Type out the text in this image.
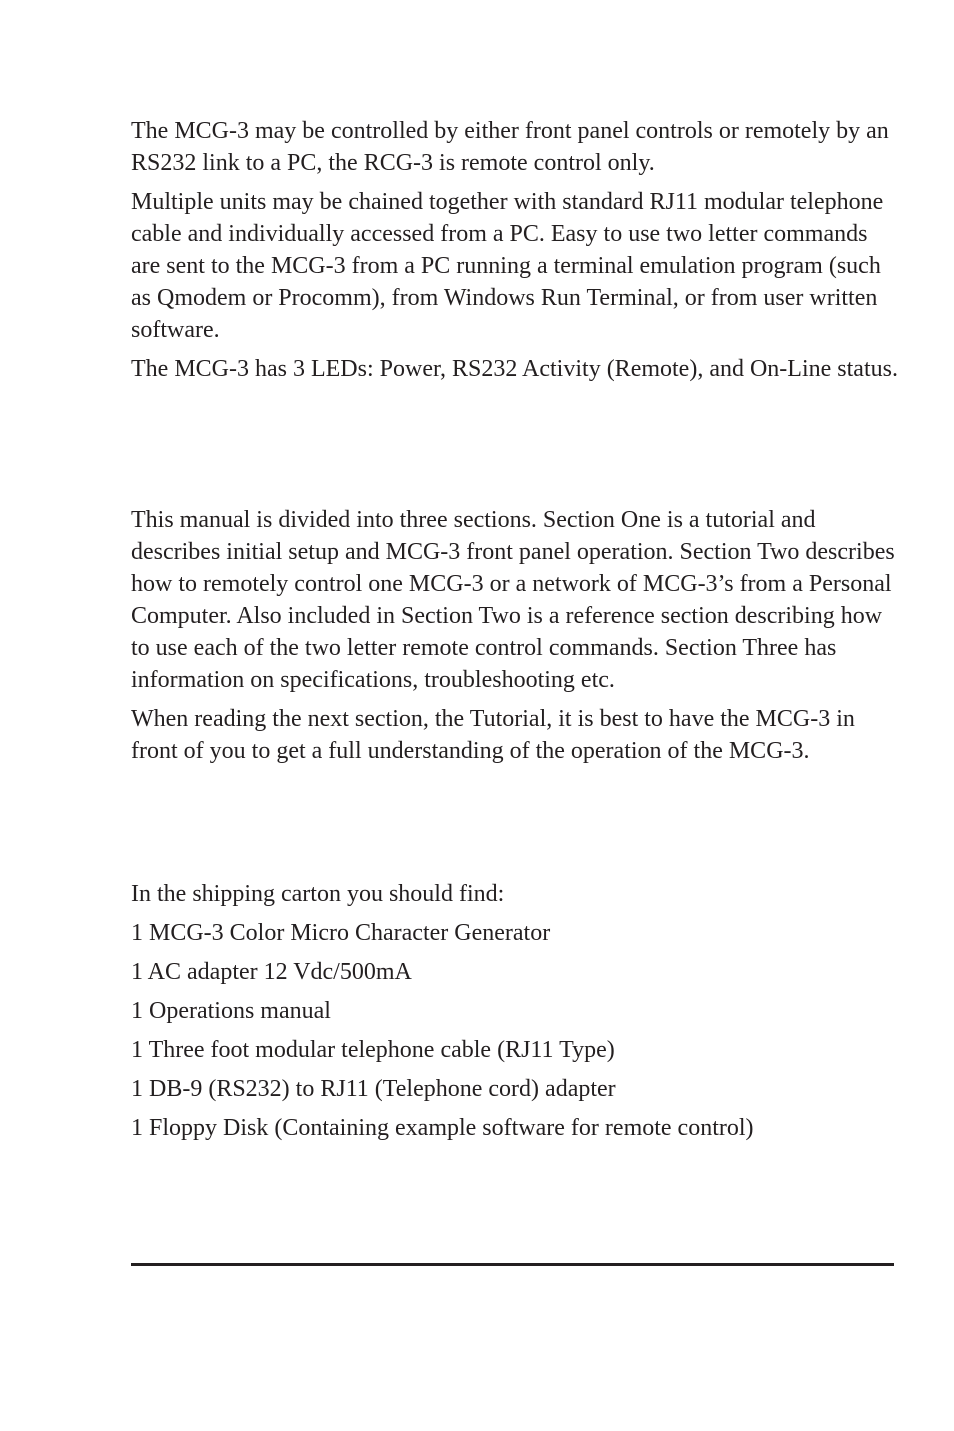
The MCG-3 may be controlled by either front panel controls or remotely by an RS232 link to a PC, the RCG-3 is remote control only.

Multiple units may be chained together with standard RJ11 modular telephone cable and individually accessed from a PC. Easy to use two letter commands are sent to the MCG-3 from a PC running a terminal emulation program (such as Qmodem or Procomm), from Windows Run Terminal, or from user written software.

The MCG-3 has 3 LEDs: Power, RS232 Activity (Remote), and On-Line status.

This manual is divided into three sections. Section One is a tutorial and describes initial setup and MCG-3 front panel operation. Section Two describes how to remotely control one MCG-3 or a network of MCG-3’s from a Personal Computer. Also included in Section Two is a reference section describing how to use each of the two letter remote control commands. Section Three has information on specifications, troubleshooting etc.

When reading the next section, the Tutorial, it is best to have the MCG-3 in front of you to get a full understanding of the operation of the MCG-3.

In the shipping carton you should find:

1 MCG-3 Color Micro Character Generator

1 AC adapter 12 Vdc/500mA

1 Operations manual

1 Three foot modular telephone cable (RJ11 Type)

1 DB-9 (RS232) to RJ11 (Telephone cord) adapter

1 Floppy Disk (Containing example software for remote control)
